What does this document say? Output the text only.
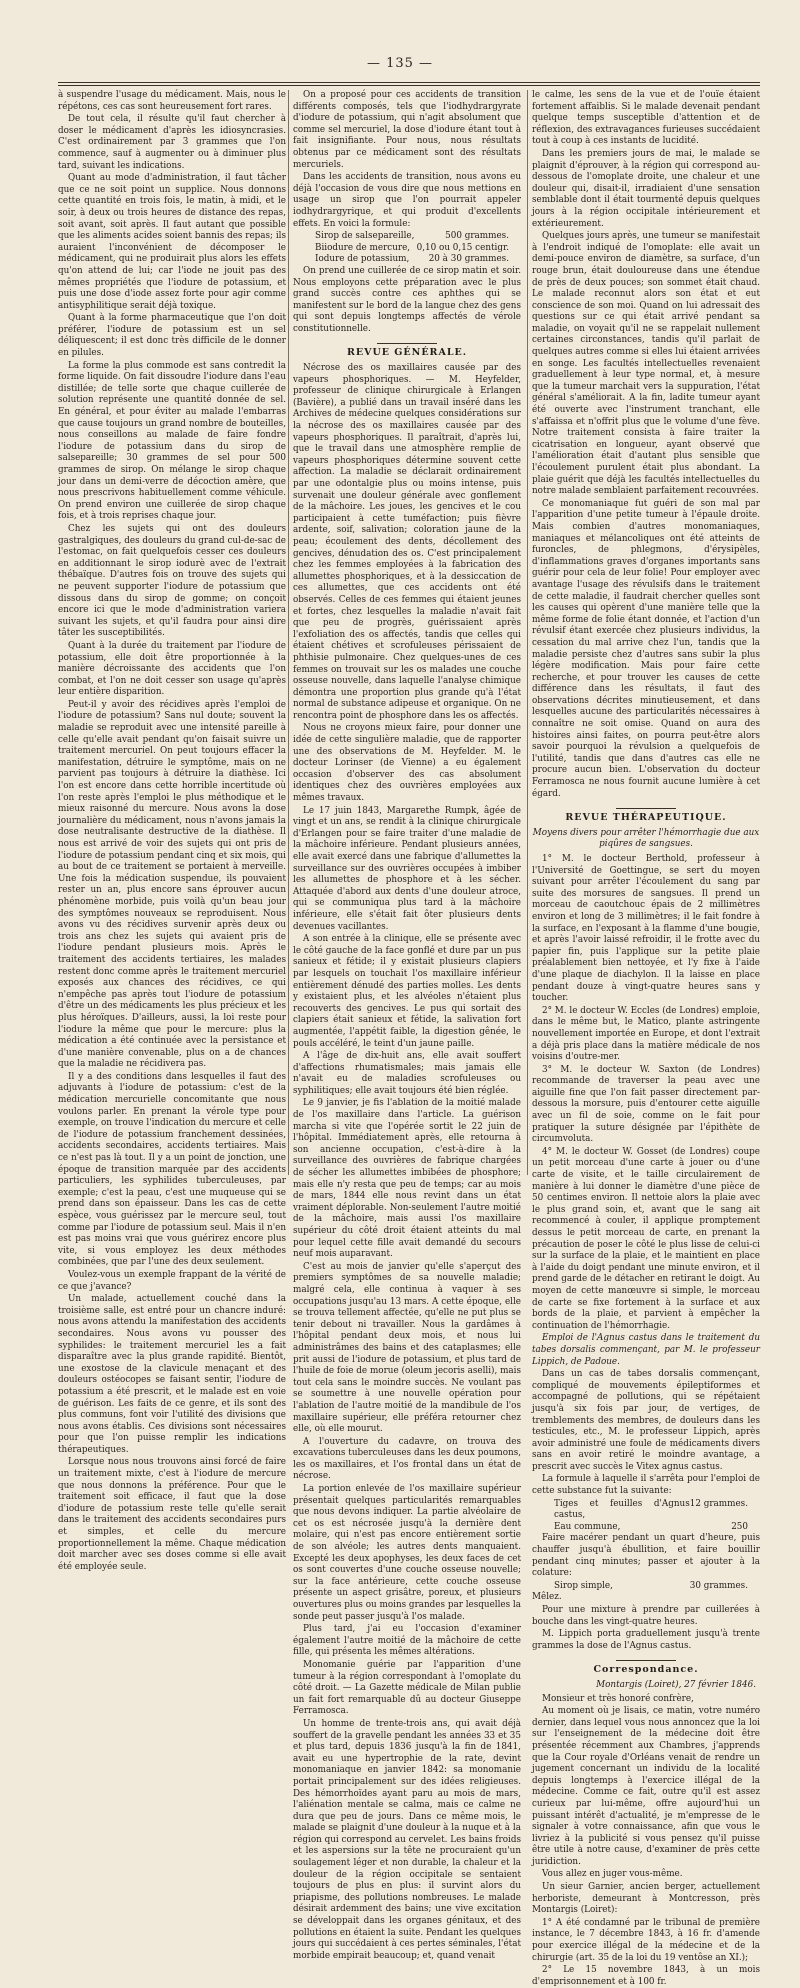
— 135 —

à suspendre l'usage du médicament. Mais, nous le répétons, ces cas sont heureusement fort rares.

De tout cela, il résulte qu'il faut chercher à doser le médicament d'après les idiosyncrasies. C'est ordinairement par 3 grammes que l'on commence, sauf à augmenter ou à diminuer plus tard, suivant les indications.

Quant au mode d'administration, il faut tâcher que ce ne soit point un supplice. Nous donnons cette quantité en trois fois, le matin, à midi, et le soir, à deux ou trois heures de distance des repas, soit avant, soit après. Il faut autant que possible que les aliments acides soient bannis des repas; ils auraient l'inconvénient de décomposer le médicament, qui ne produirait plus alors les effets qu'on attend de lui; car l'iode ne jouit pas des mêmes propriétés que l'iodure de potassium, et puis une dose d'iode assez forte pour agir comme antisyphilitique serait déjà toxique.

Quant à la forme pharmaceutique que l'on doit préférer, l'iodure de potassium est un sel déliquescent; il est donc très difficile de le donner en pilules.

La forme la plus commode est sans contredit la forme liquide. On fait dissoudre l'iodure dans l'eau distillée; de telle sorte que chaque cuillerée de solution représente une quantité donnée de sel. En général, et pour éviter au malade l'embarras que cause toujours un grand nombre de bouteilles, nous conseillons au malade de faire fondre l'iodure de potassium dans du sirop de salsepareille; 30 grammes de sel pour 500 grammes de sirop. On mélange le sirop chaque jour dans un demi-verre de décoction amère, que nous prescrivons habituellement comme véhicule. On prend environ une cuillerée de sirop chaque fois, et à trois reprises chaque jour.

Chez les sujets qui ont des douleurs gastralgiques, des douleurs du grand cul-de-sac de l'estomac, on fait quelquefois cesser ces douleurs en additionnant le sirop iodurè avec de l'extrait thébaïque. D'autres fois on trouve des sujets qui ne peuvent supporter l'iodure de potassium que dissous dans du sirop de gomme; on conçoit encore ici que le mode d'administration varierа suivant les sujets, et qu'il faudra pour ainsi dire tâter les susceptibilités.

Quant à la durée du traitement par l'iodure de potassium, elle doit être proportionnée à la manière décroissante des accidents que l'on combat, et l'on ne doit cesser son usage qu'après leur entière disparition.

Peut-il y avoir des récidives après l'emploi de l'iodure de potassium? Sans nul doute; souvent la maladie se reproduit avec une intensité pareille à celle qu'elle avait pendant qu'on faisait suivre un traitement mercuriel. On peut toujours effacer la manifestation, détruire le symptôme, mais on ne parvient pas toujours à détruire la diathèse. Ici l'on est encore dans cette horrible incertitude où l'on reste après l'emploi le plus méthodique et le mieux raisonné du mercure. Nous avons la dose journalière du médicament, nous n'avons jamais la dose neutralisante destructive de la diathèse. Il nous est arrivé de voir des sujets qui ont pris de l'iodure de potassium pendant cinq et six mois, qui au bout de ce traitement se portaient à merveille. Une fois la médication suspendue, ils pouvaient rester un an, plus encore sans éprouver aucun phénomène morbide, puis voilà qu'un beau jour des symptômes nouveaux se reproduisent. Nous avons vu des récidives survenir après deux ou trois ans chez les sujets qui avaient pris de l'iodure pendant plusieurs mois. Après le traitement des accidents tertiaires, les malades restent donc comme après le traitement mercuriel exposés aux chances des récidives, ce qui n'empêche pas après tout l'iodure de potassium d'être un des médicaments les plus précieux et les plus héroïques. D'ailleurs, aussi, la loi reste pour l'iodure la même que pour le mercure: plus la médication a été continuée avec la persistance et d'une manière convenable, plus on a de chances que la maladie ne récidivera pas.

Il y a des conditions dans lesquelles il faut des adjuvants à l'iodure de potassium: c'est de la médication mercurielle concomitante que nous voulons parler. En prenant la vérole type pour exemple, on trouve l'indication du mercure et celle de l'iodure de potassium franchement dessinées, accidents secondaires, accidents tertiaires. Mais ce n'est pas là tout. Il y a un point de jonction, une époque de transition marquée par des accidents particuliers, les syphilides tuberculeuses, par exemple; c'est la peau, c'est une muqueuse qui se prend dans son épaisseur. Dans les cas de cette espèce, vous guérissez par le mercure seul, tout comme par l'iodure de potassium seul. Mais il n'en est pas moins vrai que vous guérirez encore plus vite, si vous employez les deux méthodes combinées, que par l'une des deux seulement.

Voulez-vous un exemple frappant de la vérité de ce que j'avance?

Un malade, actuellement couché dans la troisième salle, est entré pour un chancre induré: nous avons attendu la manifestation des accidents secondaires. Nous avons vu pousser des syphilides: le traitement mercuriel les a fait disparaître avec la plus grande rapidité. Bientôt, une exostose de la clavicule menaçant et des douleurs ostéocopes se faisant sentir, l'iodure de potassium a été prescrit, et le malade est en voie de guérison. Les faits de ce genre, et ils sont des plus communs, font voir l'utilité des divisions que nous avons établis. Ces divisions sont nécessaires pour que l'on puisse remplir les indications thérapeutiques.

Lorsque nous nous trouvons ainsi forcé de faire un traitement mixte, c'est à l'iodure de mercure que nous donnons la préférence. Pour que le traitement soit efficace, il faut que la dose d'iodure de potassium reste telle qu'elle serait dans le traitement des accidents secondaires purs et simples, et celle du mercure proportionnellement la même. Chaque médication doit marcher avec ses doses comme si elle avait été employée seule.

On a proposé pour ces accidents de transition différents composés, tels que l'iodhydrargyrate d'iodure de potassium, qui n'agit absolument que comme sel mercuriel, la dose d'iodure étant tout à fait insignifiante. Pour nous, nous résultats obtenus par ce médicament sont des résultats mercuriels.

Dans les accidents de transition, nous avons eu déjà l'occasion de vous dire que nous mettions en usage un sirop que l'on pourrait appeler iodhydrargyrique, et qui produit d'excellents effets. En voici la formule:

Sirop de salsepareille,	500 grammes.
Biiodure de mercure, 0,10 ou 0,15 centigr.
Iodure de potassium, 20 à 30 grammes.

On prend une cuillerée de ce sirop matin et soir. Nous employons cette préparation avec le plus grand succès contre ces aphthes qui se manifestent sur le bord de la langue chez des gens qui sont depuis longtemps affectés de vérole constitutionnelle.

REVUE GÉNÉRALE.

Nécrose des os maxillaires causée par des vapeurs phosphoriques. — M. Heyfelder, professeur de clinique chirurgicale à Erlangen (Bavière), a publié dans un travail inséré dans les Archives de médecine quelques considérations sur la nécrose des os maxillaires causée par des vapeurs phosphoriques. Il paraîtrait, d'après lui, que le travail dans une atmosphère remplie de vapeurs phosphoriques détermine souvent cette affection. La maladie se déclarait ordinairement par une odontalgie plus ou moins intense, puis survenait une douleur générale avec gonflement de la mâchoire. Les joues, les gencives et le cou participaient à cette tuméfaction; puis fièvre ardente, soif, salivation; coloration jaune de la peau; écoulement des dents, décollement des gencives, dénudation des os. C'est principalement chez les femmes employées à la fabrication des allumettes phosphoriques, et à la dessiccation de ces allumettes, que ces accidents ont été observés. Celles de ces femmes qui étaient jeunes et fortes, chez lesquelles la maladie n'avait fait que peu de progrès, guérissaient après l'exfoliation des os affectés, tandis que celles qui étaient chétives et scrofuleuses périssaient de phthisie pulmonaire. Chez quelques-unes de ces femmes on trouvait sur les os malades une couche osseuse nouvelle, dans laquelle l'analyse chimique démontra une proportion plus grande qu'à l'état normal de substance adipeuse et organique. On ne rencontra point de phosphore dans les os affectés.

Nous ne croyons mieux faire, pour donner une idée de cette singulière maladie, que de rapporter une des observations de M. Heyfelder. M. le docteur Lorinser (de Vienne) a eu également occasion d'observer des cas absolument identiques chez des ouvrières employées aux mêmes travaux.

Le 17 juin 1843, Margarethe Rumpk, âgée de vingt et un ans, se rendit à la clinique chirurgicale d'Erlangen pour se faire traiter d'une maladie de la mâchoire inférieure. Pendant plusieurs années, elle avait exercé dans une fabrique d'allumettes la surveillance sur des ouvrières occupées à imbiber les allumettes de phosphore et à les sécher. Attaquée d'abord aux dents d'une douleur atroce, qui se communiqua plus tard à la mâchoire inférieure, elle s'était fait ôter plusieurs dents devenues vacillantes.

A son entrée à la clinique, elle se présente avec le côté gauche de la face gonflé et dure par un pus sanieux et fétide; il y existait plusieurs clapiers par lesquels on touchait l'os maxillaire inférieur entièrement dénudé des parties molles. Les dents y existaient plus, et les alvéoles n'étaient plus recouverts des gencives. Le pus qui sortait des clapiers était sanieux et fétide, la salivation fort augmentée, l'appétit faible, la digestion gênée, le pouls accéléré, le teint d'un jaune paille.

A l'âge de dix-huit ans, elle avait souffert d'affections rhumatismales; mais jamais elle n'avait eu de maladies scrofuleuses ou syphilitiques; elle avait toujours été bien réglée.

Le 9 janvier, je fis l'ablation de la moitié malade de l'os maxillaire dans l'article. La guérison marcha si vite que l'opérée sortit le 22 juin de l'hôpital. Immédiatement après, elle retourna à son ancienne occupation, c'est-à-dire à la surveillance des ouvrières de fabrique chargées de sécher les allumettes imbibées de phosphore; mais elle n'y resta que peu de temps; car au mois de mars, 1844 elle nous revint dans un état vraiment déplorable. Non-seulement l'autre moitié de la mâchoire, mais aussi l'os maxillaire supérieur du côté droit étaient atteints du mal pour lequel cette fille avait demandé du secours neuf mois auparavant.

C'est au mois de janvier qu'elle s'aperçut des premiers symptômes de sa nouvelle maladie; malgré cela, elle continua à vaquer à ses occupations jusqu'au 13 mars. A cette époque, elle se trouva tellement affectée, qu'elle ne put plus se tenir debout ni travailler. Nous la gardâmes à l'hôpital pendant deux mois, et nous lui administrâmes des bains et des cataplasmes; elle prit aussi de l'iodure de potassium, et plus tard de l'huile de foie de morue (oleum jecoris aselli), mais tout cela sans le moindre succès. Ne voulant pas se soumettre à une nouvelle opération pour l'ablation de l'autre moitié de la mandibule de l'os maxillaire supérieur, elle préféra retourner chez elle, où elle mourut.

A l'ouverture du cadavre, on trouva des excavations tuberculeuses dans les deux poumons, les os maxillaires, et l'os frontal dans un état de nécrose.

La portion enlevée de l'os maxillaire supérieur présentait quelques particularités remarquables que nous devons indiquer. La partie alvéolaire de cet os est nécrosée jusqu'à la dernière dent molaire, qui n'est pas encore entièrement sortie de son alvéole; les autres dents manquaient. Excepté les deux apophyses, les deux faces de cet os sont couvertes d'une couche osseuse nouvelle; sur la face antérieure, cette couche osseuse présente un aspect grisâtre, poreux, et plusieurs ouvertures plus ou moins grandes par lesquelles la sonde peut passer jusqu'à l'os malade.

Plus tard, j'ai eu l'occasion d'examiner également l'autre moitié de la mâchoire de cette fille, qui présenta les mêmes altérations.

Monomanie guérie par l'apparition d'une tumeur à la région correspondant à l'omoplate du côté droit. — La Gazette médicale de Milan publie un fait fort remarquable dû au docteur Giuseppe Ferramosca.

Un homme de trente-trois ans, qui avait déjà souffert de la gravelle pendant les années 33 et 35 et plus tard, depuis 1836 jusqu'à la fin de 1841, avait eu une hypertrophie de la rate, devint monomaniaque en janvier 1842: sa monomanie portait principalement sur des idées religieuses. Des hémorrhoïdes ayant paru au mois de mars, l'aliénation mentale se calma, mais ce calme ne dura que peu de jours. Dans ce même mois, le malade se plaignit d'une douleur à la nuque et à la région qui correspond au cervelet. Les bains froids et les aspersions sur la tête ne procuraient qu'un soulagement léger et non durable, la chaleur et la douleur de la région occipitale se sentaient toujours de plus en plus: il survint alors du priapisme, des pollutions nombreuses. Le malade désirait ardemment des bains; une vive excitation se développait dans les organes génitaux, et des pollutions en étaient la suite. Pendant les quelques jours qui succédaient à ces pertes séminales, l'état morbide empirait beaucoup; et, quand venait

le calme, les sens de la vue et de l'ouïe étaient fortement affaiblis. Si le malade devenait pendant quelque temps susceptible d'attention et de réflexion, des extravagances furieuses succédaient tout à coup à ces instants de lucidité.

Dans les premiers jours de mai, le malade se plaignit d'éprouver, à la région qui correspond au-dessous de l'omoplate droite, une chaleur et une douleur qui, disait-il, irradiaient d'une sensation semblable dont il était tourmenté depuis quelques jours à la région occipitale intérieurement et extérieurement.

Quelques jours après, une tumeur se manifestait à l'endroit indiqué de l'omoplate: elle avait un demi-pouce environ de diamètre, sa surface, d'un rouge brun, était douloureuse dans une étendue de près de deux pouces; son sommet était chaud. Le malade reconnut alors son état et eut conscience de son moi. Quand on lui adressait des questions sur ce qui était arrivé pendant sa maladie, on voyait qu'il ne se rappelait nullement certaines circonstances, tandis qu'il parlait de quelques autres comme si elles lui étaient arrivées en songe. Les facultés intellectuelles revenaient graduellement à leur type normal, et, à mesure que la tumeur marchait vers la suppuration, l'état général s'améliorait. A la fin, ladite tumeur ayant été ouverte avec l'instrument tranchant, elle s'affaissa et n'offrit plus que le volume d'une fève. Notre traitement consista à faire traiter la cicatrisation en longueur, ayant observé que l'amélioration était d'autant plus sensible que l'écoulement purulent était plus abondant. La plaie guérit que déjà les facultés intellectuelles du notre malade semblaient parfaitement recouvrées.

Ce monomaniaque fut guéri de son mal par l'apparition d'une petite tumeur à l'épaule droite. Mais combien d'autres monomaniaques, maniaques et mélancoliques ont été atteints de furoncles, de phlegmons, d'érysipèles, d'inflammations graves d'organes importants sans guérir pour cela de leur folie! Pour employer avec avantage l'usage des révulsifs dans le traitement de cette maladie, il faudrait chercher quelles sont les causes qui opèrent d'une manière telle que la même forme de folie étant donnée, et l'action d'un révulsif étant exercée chez plusieurs individus, la cessation du mal arrive chez l'un, tandis que la maladie persiste chez d'autres sans subir la plus légère modification. Mais pour faire cette recherche, et pour trouver les causes de cette différence dans les résultats, il faut des observations décrites minutieusement, et dans lesquelles aucune des particularités nécessaires à connaître ne soit omise. Quand on aura des histoires ainsi faites, on pourra peut-être alors savoir pourquoi la révulsion a quelquefois de l'utilité, tandis que dans d'autres cas elle ne procure aucun bien. L'observation du docteur Ferramosca ne nous fournit aucune lumière à cet égard.

REVUE THÉRAPEUTIQUE.
Moyens divers pour arrêter l'hémorrhagie due aux piqûres de sangsues.

1° M. le docteur Berthold, professeur à l'Université de Goettingue, se sert du moyen suivant pour arrêter l'écoulement du sang par suite des morsures de sangsues. Il prend un morceau de caoutchouc épais de 2 millimètres environ et long de 3 millimètres; il le fait fondre à la surface, en l'exposant à la flamme d'une bougie, et après l'avoir laissé refroidir, il le frotte avec du papier fin, puis l'applique sur la petite plaie préalablement bien nettoyée, et l'y fixe à l'aide d'une plaque de diachylon. Il la laisse en place pendant douze à vingt-quatre heures sans y toucher.

2° M. le docteur W. Eccles (de Londres) emploie, dans le même but, le Matico, plante astringente nouvellement importée en Europe, et dont l'extrait a déjà pris place dans la matière médicale de nos voisins d'outre-mer.

3° M. le docteur W. Saxton (de Londres) recommande de traverser la peau avec une aiguille fine que l'on fait passer directement par-dessous la morsure, puis d'entourer cette aiguille avec un fil de soie, comme on le fait pour pratiquer la suture désignée par l'épithète de circumvoluta.

4° M. le docteur W. Gosset (de Londres) coupe un petit morceau d'une carte à jouer ou d'une carte de visite, et le taille circulairement de manière à lui donner le diamètre d'une pièce de 50 centimes environ. Il nettoie alors la plaie avec le plus grand soin, et, avant que le sang ait recommencé à couler, il applique promptement dessus le petit morceau de carte, en prenant la précaution de poser le côté le plus lisse de celui-ci sur la surface de la plaie, et le maintient en place à l'aide du doigt pendant une minute environ, et il prend garde de le détacher en retirant le doigt. Au moyen de cette manœuvre si simple, le morceau de carte se fixe fortement à la surface et aux bords de la plaie, et parvient à empêcher la continuation de l'hémorrhagie.

Emploi de l'Agnus castus dans le traitement du tabes dorsalis commençant, par M. le professeur Lippich, de Padoue.

Dans un cas de tabes dorsalis commençant, compliqué de mouvements épileptiformes et accompagné de pollutions, qui se répétaient jusqu'à six fois par jour, de vertiges, de tremblements des membres, de douleurs dans les testicules, etc., M. le professeur Lippich, après avoir administré une foule de médicaments divers sans en avoir retiré le moindre avantage, a prescrit avec succès le Vitex agnus castus.

La formule à laquelle il s'arrêta pour l'emploi de cette substance fut la suivante:

Tiges et feuilles d'Agnus castus,
12 grammes.
Eau commune,	250

Faire macérer pendant un quart d'heure, puis chauffer jusqu'à ébullition, et faire bouillir pendant cinq minutes; passer et ajouter à la colature:

Sirop simple,	30 grammes.

Mêlez.

Pour une mixture à prendre par cuillerées à bouche dans les vingt-quatre heures.

M. Lippich porta graduellement jusqu'à trente grammes la dose de l'Agnus castus.

Correspondance.
Montargis (Loiret), 27 février 1846.

Monsieur et très honoré confrère,

Au moment où je lisais, ce matin, votre numéro dernier, dans lequel vous nous annoncez que la loi sur l'enseignement de la médecine doit être présentée récemment aux Chambres, j'apprends que la Cour royale d'Orléans venait de rendre un jugement concernant un individu de la localité depuis longtemps à l'exercice illégal de la médecine. Comme ce fait, outre qu'il est assez curieux par lui-même, offre aujourd'hui un puissant intérêt d'actualité, je m'empresse de le signaler à votre connaissance, afin que vous le livriez à la publicité si vous pensez qu'il puisse être utile à notre cause, d'examiner de près cette juridiction.

Vous allez en juger vous-même.

Un sieur Garnier, ancien berger, actuellement herboriste, demeurant à Montcresson, près Montargis (Loiret):

1° A été condamné par le tribunal de première instance, le 7 décembre 1843, à 16 fr. d'amende pour exercice illégal de la médecine et de la chirurgie (art. 35 de la loi du 19 ventôse an XI.);

2° Le 15 novembre 1843, à un mois d'emprisonnement et à 100 fr.
